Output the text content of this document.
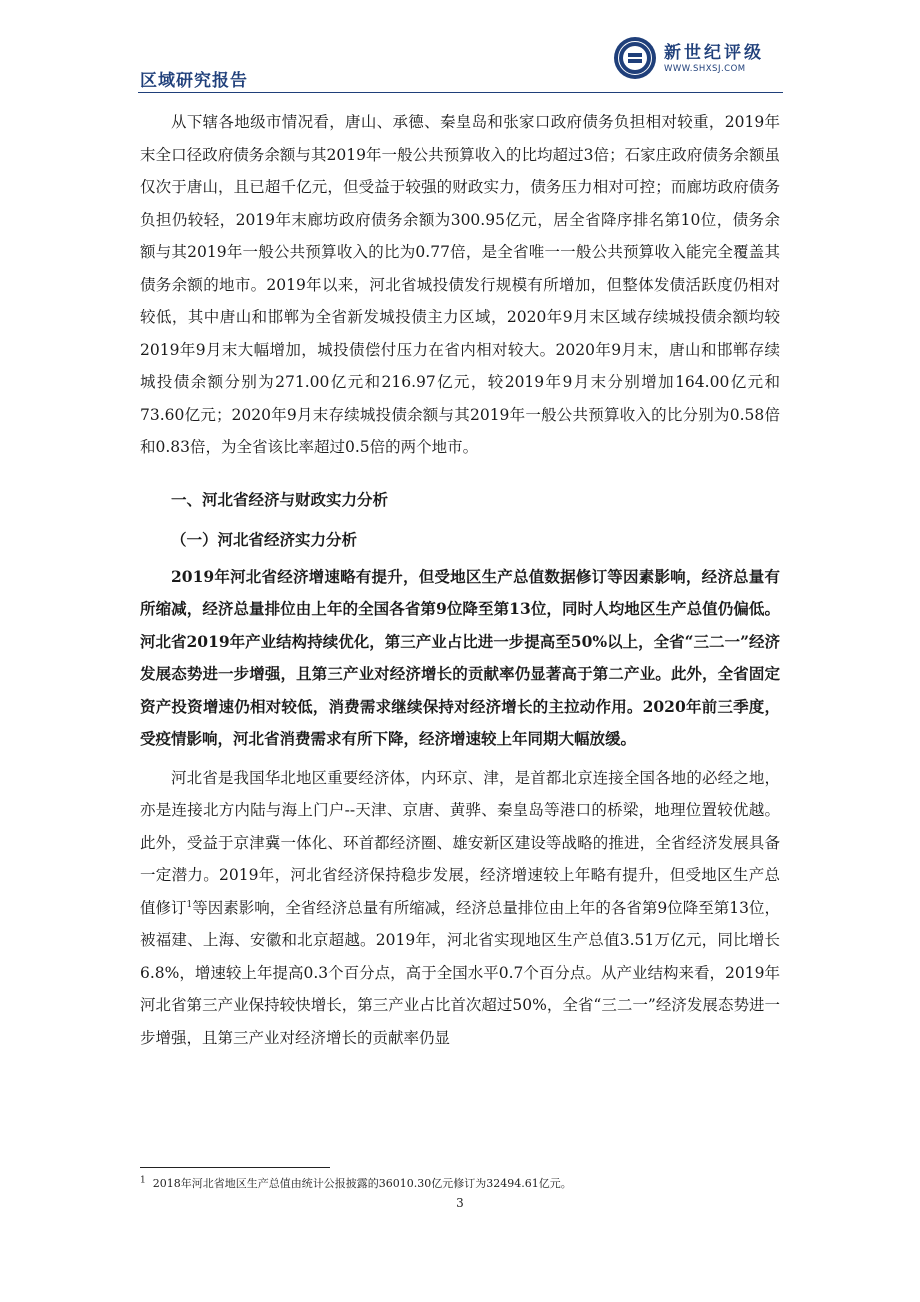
区域研究报告
新世纪评级
WWW.SHXSJ.COM

从下辖各地级市情况看，唐山、承德、秦皇岛和张家口政府债务负担相对较重，2019年末全口径政府债务余额与其2019年一般公共预算收入的比均超过3倍；石家庄政府债务余额虽仅次于唐山，且已超千亿元，但受益于较强的财政实力，债务压力相对可控；而廊坊政府债务负担仍较轻，2019年末廊坊政府债务余额为300.95亿元，居全省降序排名第10位，债务余额与其2019年一般公共预算收入的比为0.77倍，是全省唯一一般公共预算收入能完全覆盖其债务余额的地市。2019年以来，河北省城投债发行规模有所增加，但整体发债活跃度仍相对较低，其中唐山和邯郸为全省新发城投债主力区域，2020年9月末区域存续城投债余额均较2019年9月末大幅增加，城投债偿付压力在省内相对较大。2020年9月末，唐山和邯郸存续城投债余额分别为271.00亿元和216.97亿元，较2019年9月末分别增加164.00亿元和73.60亿元；2020年9月末存续城投债余额与其2019年一般公共预算收入的比分别为0.58倍和0.83倍，为全省该比率超过0.5倍的两个地市。

一、河北省经济与财政实力分析
（一）河北省经济实力分析

2019年河北省经济增速略有提升，但受地区生产总值数据修订等因素影响，经济总量有所缩减，经济总量排位由上年的全国各省第9位降至第13位，同时人均地区生产总值仍偏低。河北省2019年产业结构持续优化，第三产业占比进一步提高至50%以上，全省“三二一”经济发展态势进一步增强，且第三产业对经济增长的贡献率仍显著高于第二产业。此外，全省固定资产投资增速仍相对较低，消费需求继续保持对经济增长的主拉动作用。2020年前三季度，受疫情影响，河北省消费需求有所下降，经济增速较上年同期大幅放缓。

河北省是我国华北地区重要经济体，内环京、津，是首都北京连接全国各地的必经之地，亦是连接北方内陆与海上门户--天津、京唐、黄骅、秦皇岛等港口的桥梁，地理位置较优越。此外，受益于京津冀一体化、环首都经济圈、雄安新区建设等战略的推进，全省经济发展具备一定潜力。2019年，河北省经济保持稳步发展，经济增速较上年略有提升，但受地区生产总值修订$^1$等因素影响，全省经济总量有所缩减，经济总量排位由上年的各省第9位降至第13位，被福建、上海、安徽和北京超越。2019年，河北省实现地区生产总值3.51万亿元，同比增长6.8%，增速较上年提高0.3个百分点，高于全国水平0.7个百分点。从产业结构来看，2019年河北省第三产业保持较快增长，第三产业占比首次超过50%，全省“三二一”经济发展态势进一步增强，且第三产业对经济增长的贡献率仍显

$^1$ 2018年河北省地区生产总值由统计公报披露的36010.30亿元修订为32494.61亿元。
3
